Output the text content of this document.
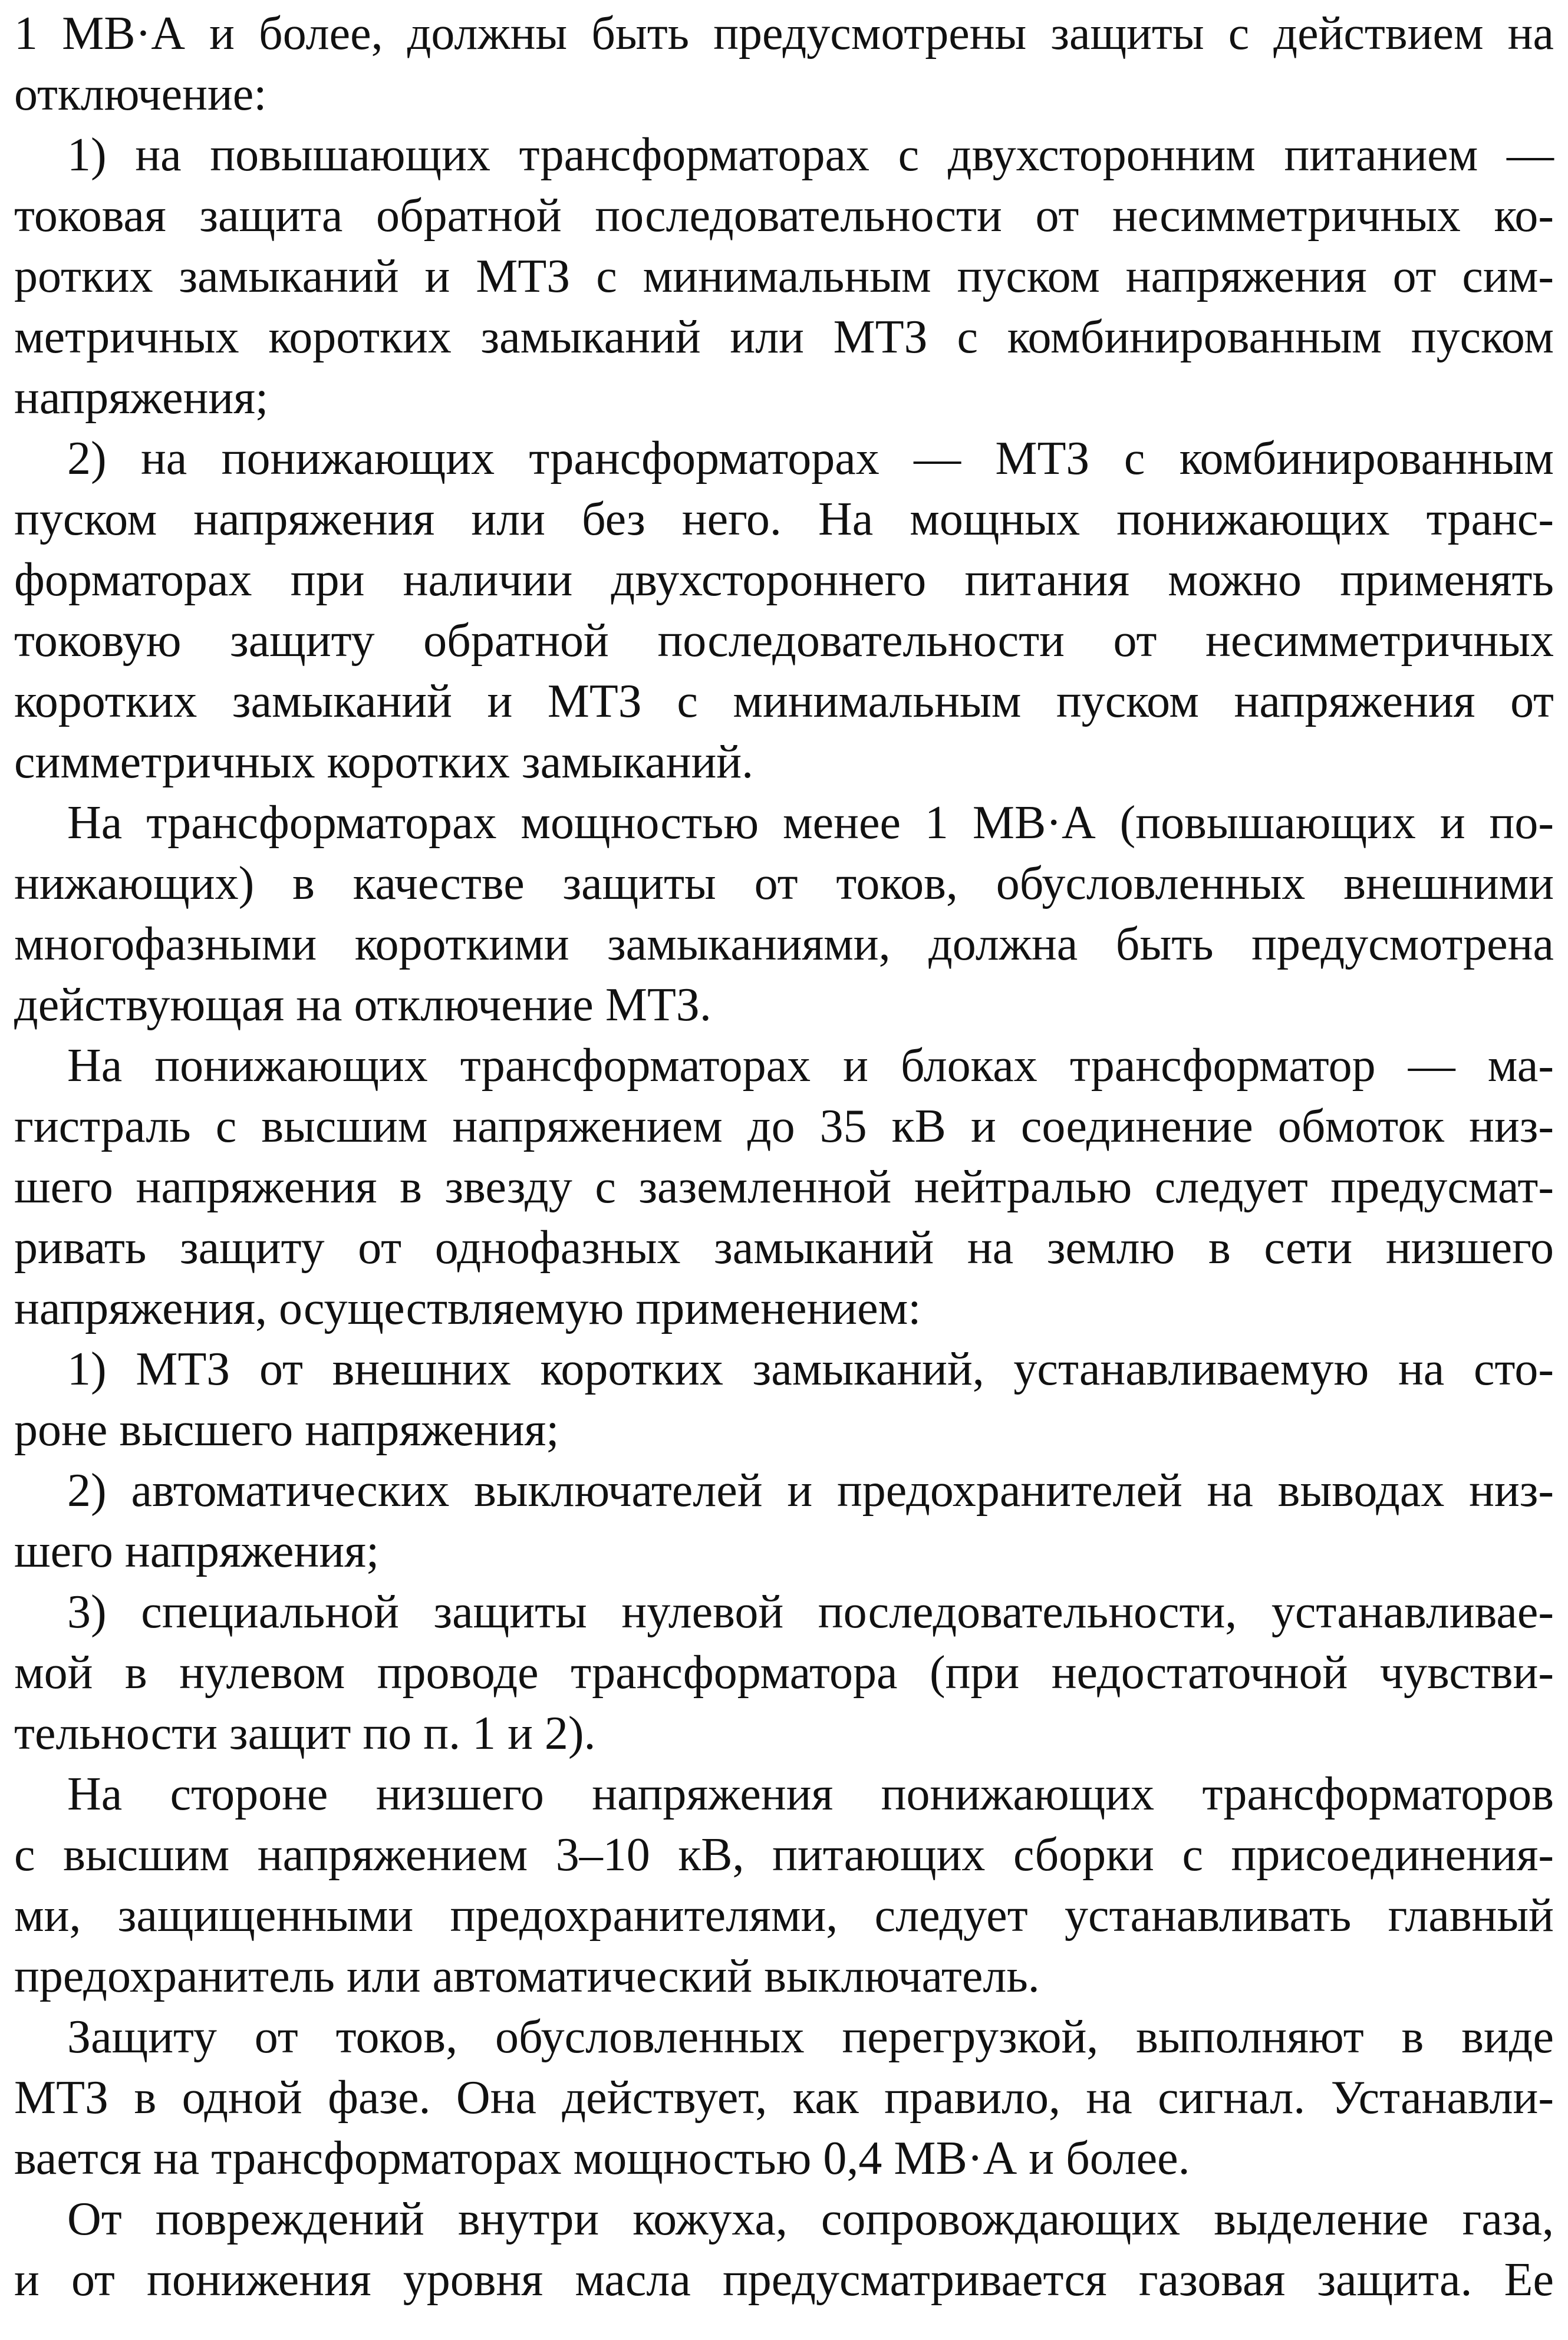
1 МВ·А и более, должны быть предусмотрены защиты с действием на
отключение:
1) на повышающих трансформаторах с двухсторонним питанием —
токовая защита обратной последовательности от несимметричных ко-
ротких замыканий и МТЗ с минимальным пуском напряжения от сим-
метричных коротких замыканий или МТЗ с комбинированным пуском
напряжения;
2) на понижающих трансформаторах — МТЗ с комбинированным
пуском напряжения или без него. На мощных понижающих транс-
форматорах при наличии двухстороннего питания можно применять
токовую защиту обратной последовательности от несимметричных
коротких замыканий и МТЗ с минимальным пуском напряжения от
симметричных коротких замыканий.
На трансформаторах мощностью менее 1 МВ·А (повышающих и по-
нижающих) в качестве защиты от токов, обусловленных внешними
многофазными короткими замыканиями, должна быть предусмотрена
действующая на отключение МТЗ.
На понижающих трансформаторах и блоках трансформатор — ма-
гистраль с высшим напряжением до 35 кВ и соединение обмоток низ-
шего напряжения в звезду с заземленной нейтралью следует предусмат-
ривать защиту от однофазных замыканий на землю в сети низшего
напряжения, осуществляемую применением:
1) МТЗ от внешних коротких замыканий, устанавливаемую на сто-
роне высшего напряжения;
2) автоматических выключателей и предохранителей на выводах низ-
шего напряжения;
3) специальной защиты нулевой последовательности, устанавливае-
мой в нулевом проводе трансформатора (при недостаточной чувстви-
тельности защит по п. 1 и 2).
На стороне низшего напряжения понижающих трансформаторов
с высшим напряжением 3–10 кВ, питающих сборки с присоединения-
ми, защищенными предохранителями, следует устанавливать главный
предохранитель или автоматический выключатель.
Защиту от токов, обусловленных перегрузкой, выполняют в виде
МТЗ в одной фазе. Она действует, как правило, на сигнал. Устанавли-
вается на трансформаторах мощностью 0,4 МВ·А и более.
От повреждений внутри кожуха, сопровождающих выделение газа,
и от понижения уровня масла предусматривается газовая защита. Ее
